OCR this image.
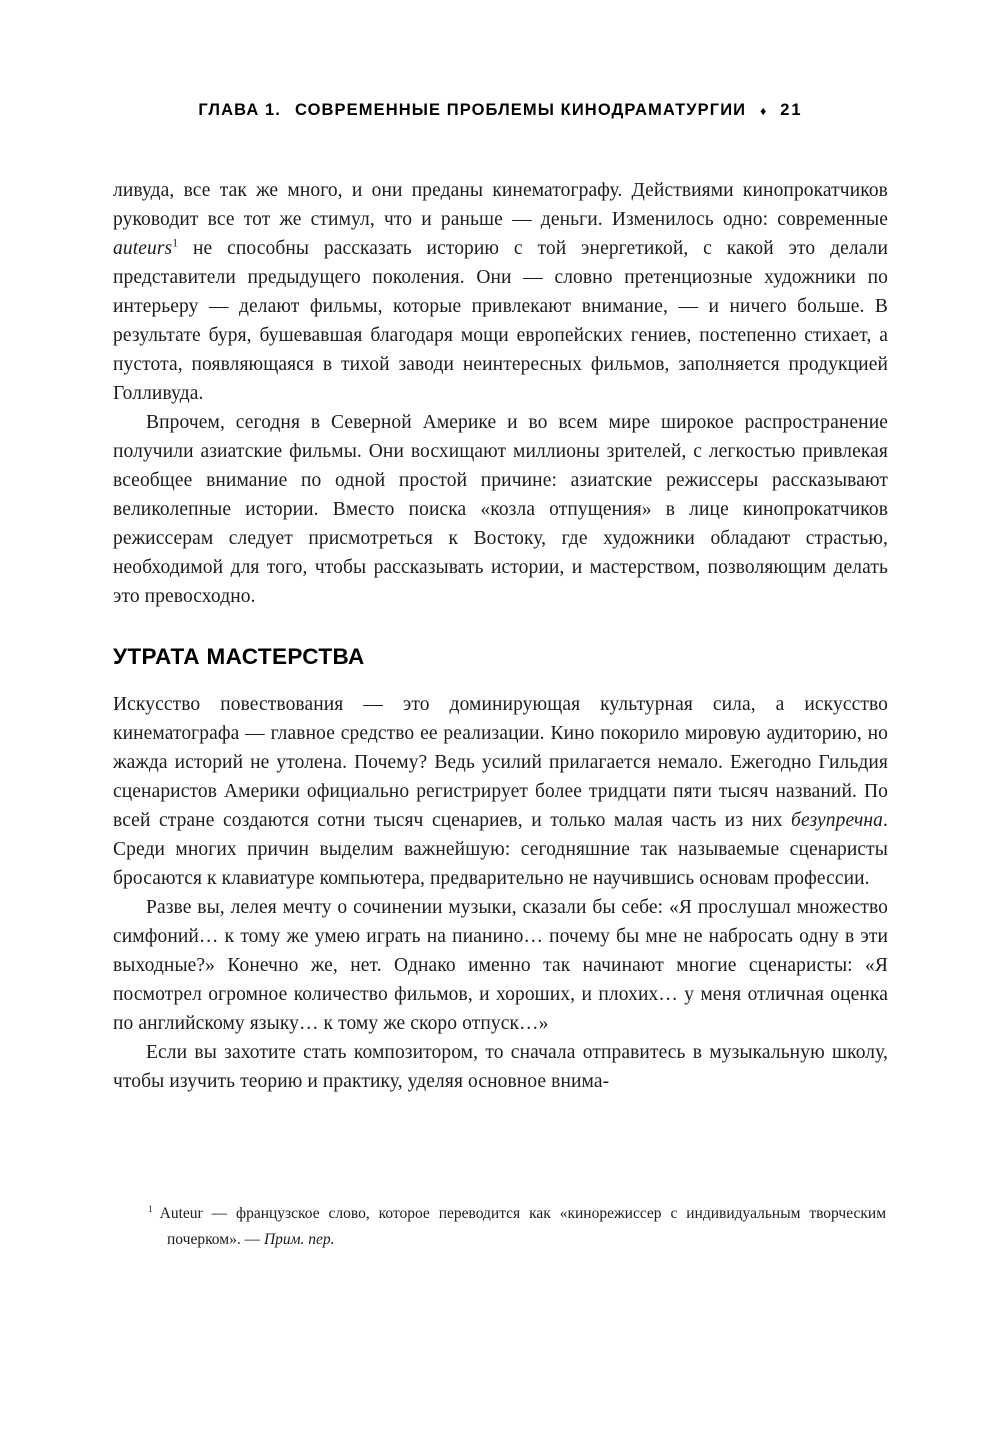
ГЛАВА 1. СОВРЕМЕННЫЕ ПРОБЛЕМЫ КИНОДРАМАТУРГИИ ♦ 21

ливуда, все так же много, и они преданы кинематографу. Действиями кинопрокатчиков руководит все тот же стимул, что и раньше — деньги. Изменилось одно: современные auteurs$^1$ не способны рассказать историю с той энергетикой, с какой это делали представители предыдущего поколения. Они — словно претенциозные художники по интерьеру — делают фильмы, которые привлекают внимание, — и ничего больше. В результате буря, бушевавшая благодаря мощи европейских гениев, постепенно стихает, а пустота, появляющаяся в тихой заводи неинтересных фильмов, заполняется продукцией Голливуда.

Впрочем, сегодня в Северной Америке и во всем мире широкое распространение получили азиатские фильмы. Они восхищают миллионы зрителей, с легкостью привлекая всеобщее внимание по одной простой причине: азиатские режиссеры рассказывают великолепные истории. Вместо поиска «козла отпущения» в лице кинопрокатчиков режиссерам следует присмотреться к Востоку, где художники обладают страстью, необходимой для того, чтобы рассказывать истории, и мастерством, позволяющим делать это превосходно.

УТРАТА МАСТЕРСТВА

Искусство повествования — это доминирующая культурная сила, а искусство кинематографа — главное средство ее реализации. Кино покорило мировую аудиторию, но жажда историй не утолена. Почему? Ведь усилий прилагается немало. Ежегодно Гильдия сценаристов Америки официально регистрирует более тридцати пяти тысяч названий. По всей стране создаются сотни тысяч сценариев, и только малая часть из них безупречна. Среди многих причин выделим важнейшую: сегодняшние так называемые сценаристы бросаются к клавиатуре компьютера, предварительно не научившись основам профессии.

Разве вы, лелея мечту о сочинении музыки, сказали бы себе: «Я прослушал множество симфоний… к тому же умею играть на пианино… почему бы мне не набросать одну в эти выходные?» Конечно же, нет. Однако именно так начинают многие сценаристы: «Я посмотрел огромное количество фильмов, и хороших, и плохих… у меня отличная оценка по английскому языку… к тому же скоро отпуск…»

Если вы захотите стать композитором, то сначала отправитесь в музыкальную школу, чтобы изучить теорию и практику, уделяя основное внима-

$^1$ Auteur — французское слово, которое переводится как «кинорежиссер с индивидуальным творческим почерком». — Прим. пер.
